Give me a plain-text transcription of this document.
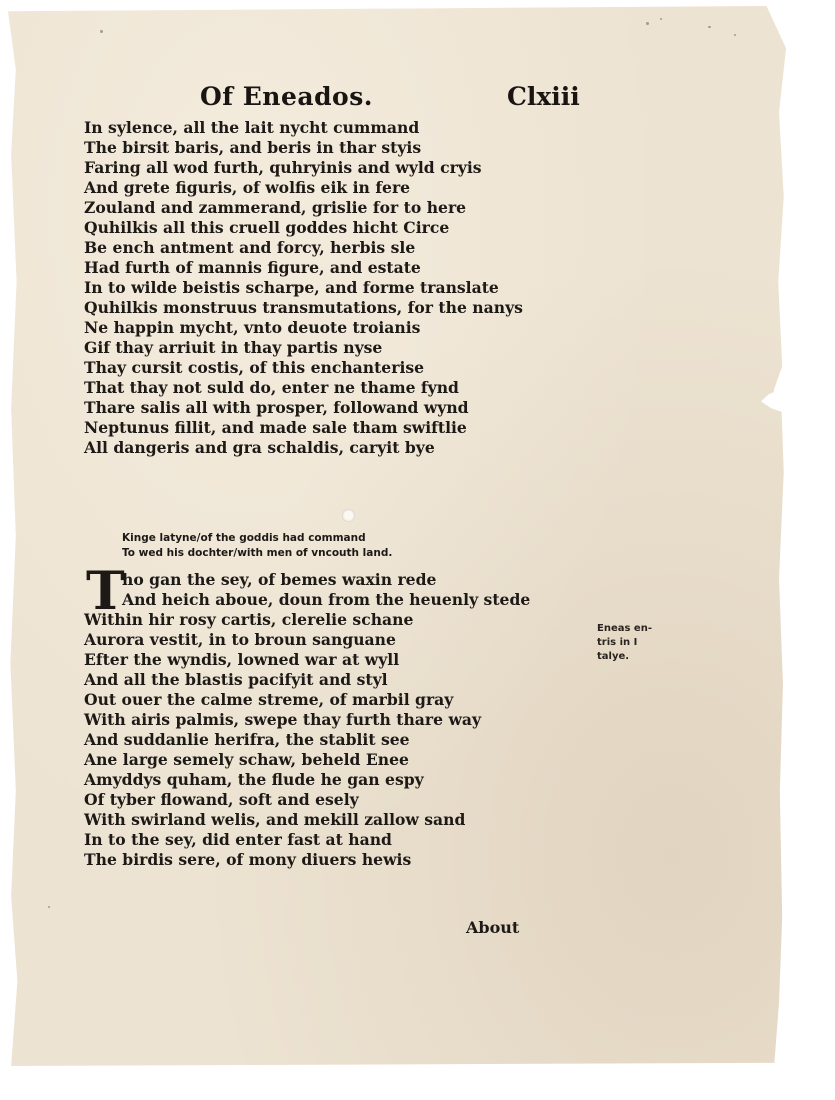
Of Eneados.	Clxiii
In sylence, all the lait nycht cummand
The birsit baris, and beris in thar styis
Faring all wod furth, quhryinis and wyld cryis
And grete figuris, of wolfis eik in fere
Zouland and zammerand, grislie for to here
Quhilkis all this cruell goddes hicht Circe
Be ench antment and forcy, herbis sle
Had furth of mannis figure, and estate
In to wilde beistis scharpe, and forme translate
Quhilkis monstruus transmutations, for the nanys
Ne happin mycht, vnto deuote troianis
Gif thay arriuit in thay partis nyse
Thay cursit costis, of this enchanterise
That thay not suld do, enter ne thame fynd
Thare salis all with prosper, followand wynd
Neptunus fillit, and made sale tham swiftlie
All dangeris and gra schaldis, caryit bye
Kinge latyne/of the goddis had command
To wed his dochter/with men of vncouth land.
T
ho gan the sey, of bemes waxin rede
And heich aboue, doun from the heuenly stede
Within hir rosy cartis, clerelie schane
Aurora vestit, in to broun sanguane
Efter the wyndis, lowned war at wyll
And all the blastis pacifyit and styl
Out ouer the calme streme, of marbil gray
With airis palmis, swepe thay furth thare way
And suddanlie herifra, the stablit see
Ane large semely schaw, beheld Enee
Amyddys quham, the flude he gan espy
Of tyber flowand, soft and esely
With swirland welis, and mekill zallow sand
In to the sey, did enter fast at hand
The birdis sere, of mony diuers hewis
Eneas en-
tris in I
talye.
About
